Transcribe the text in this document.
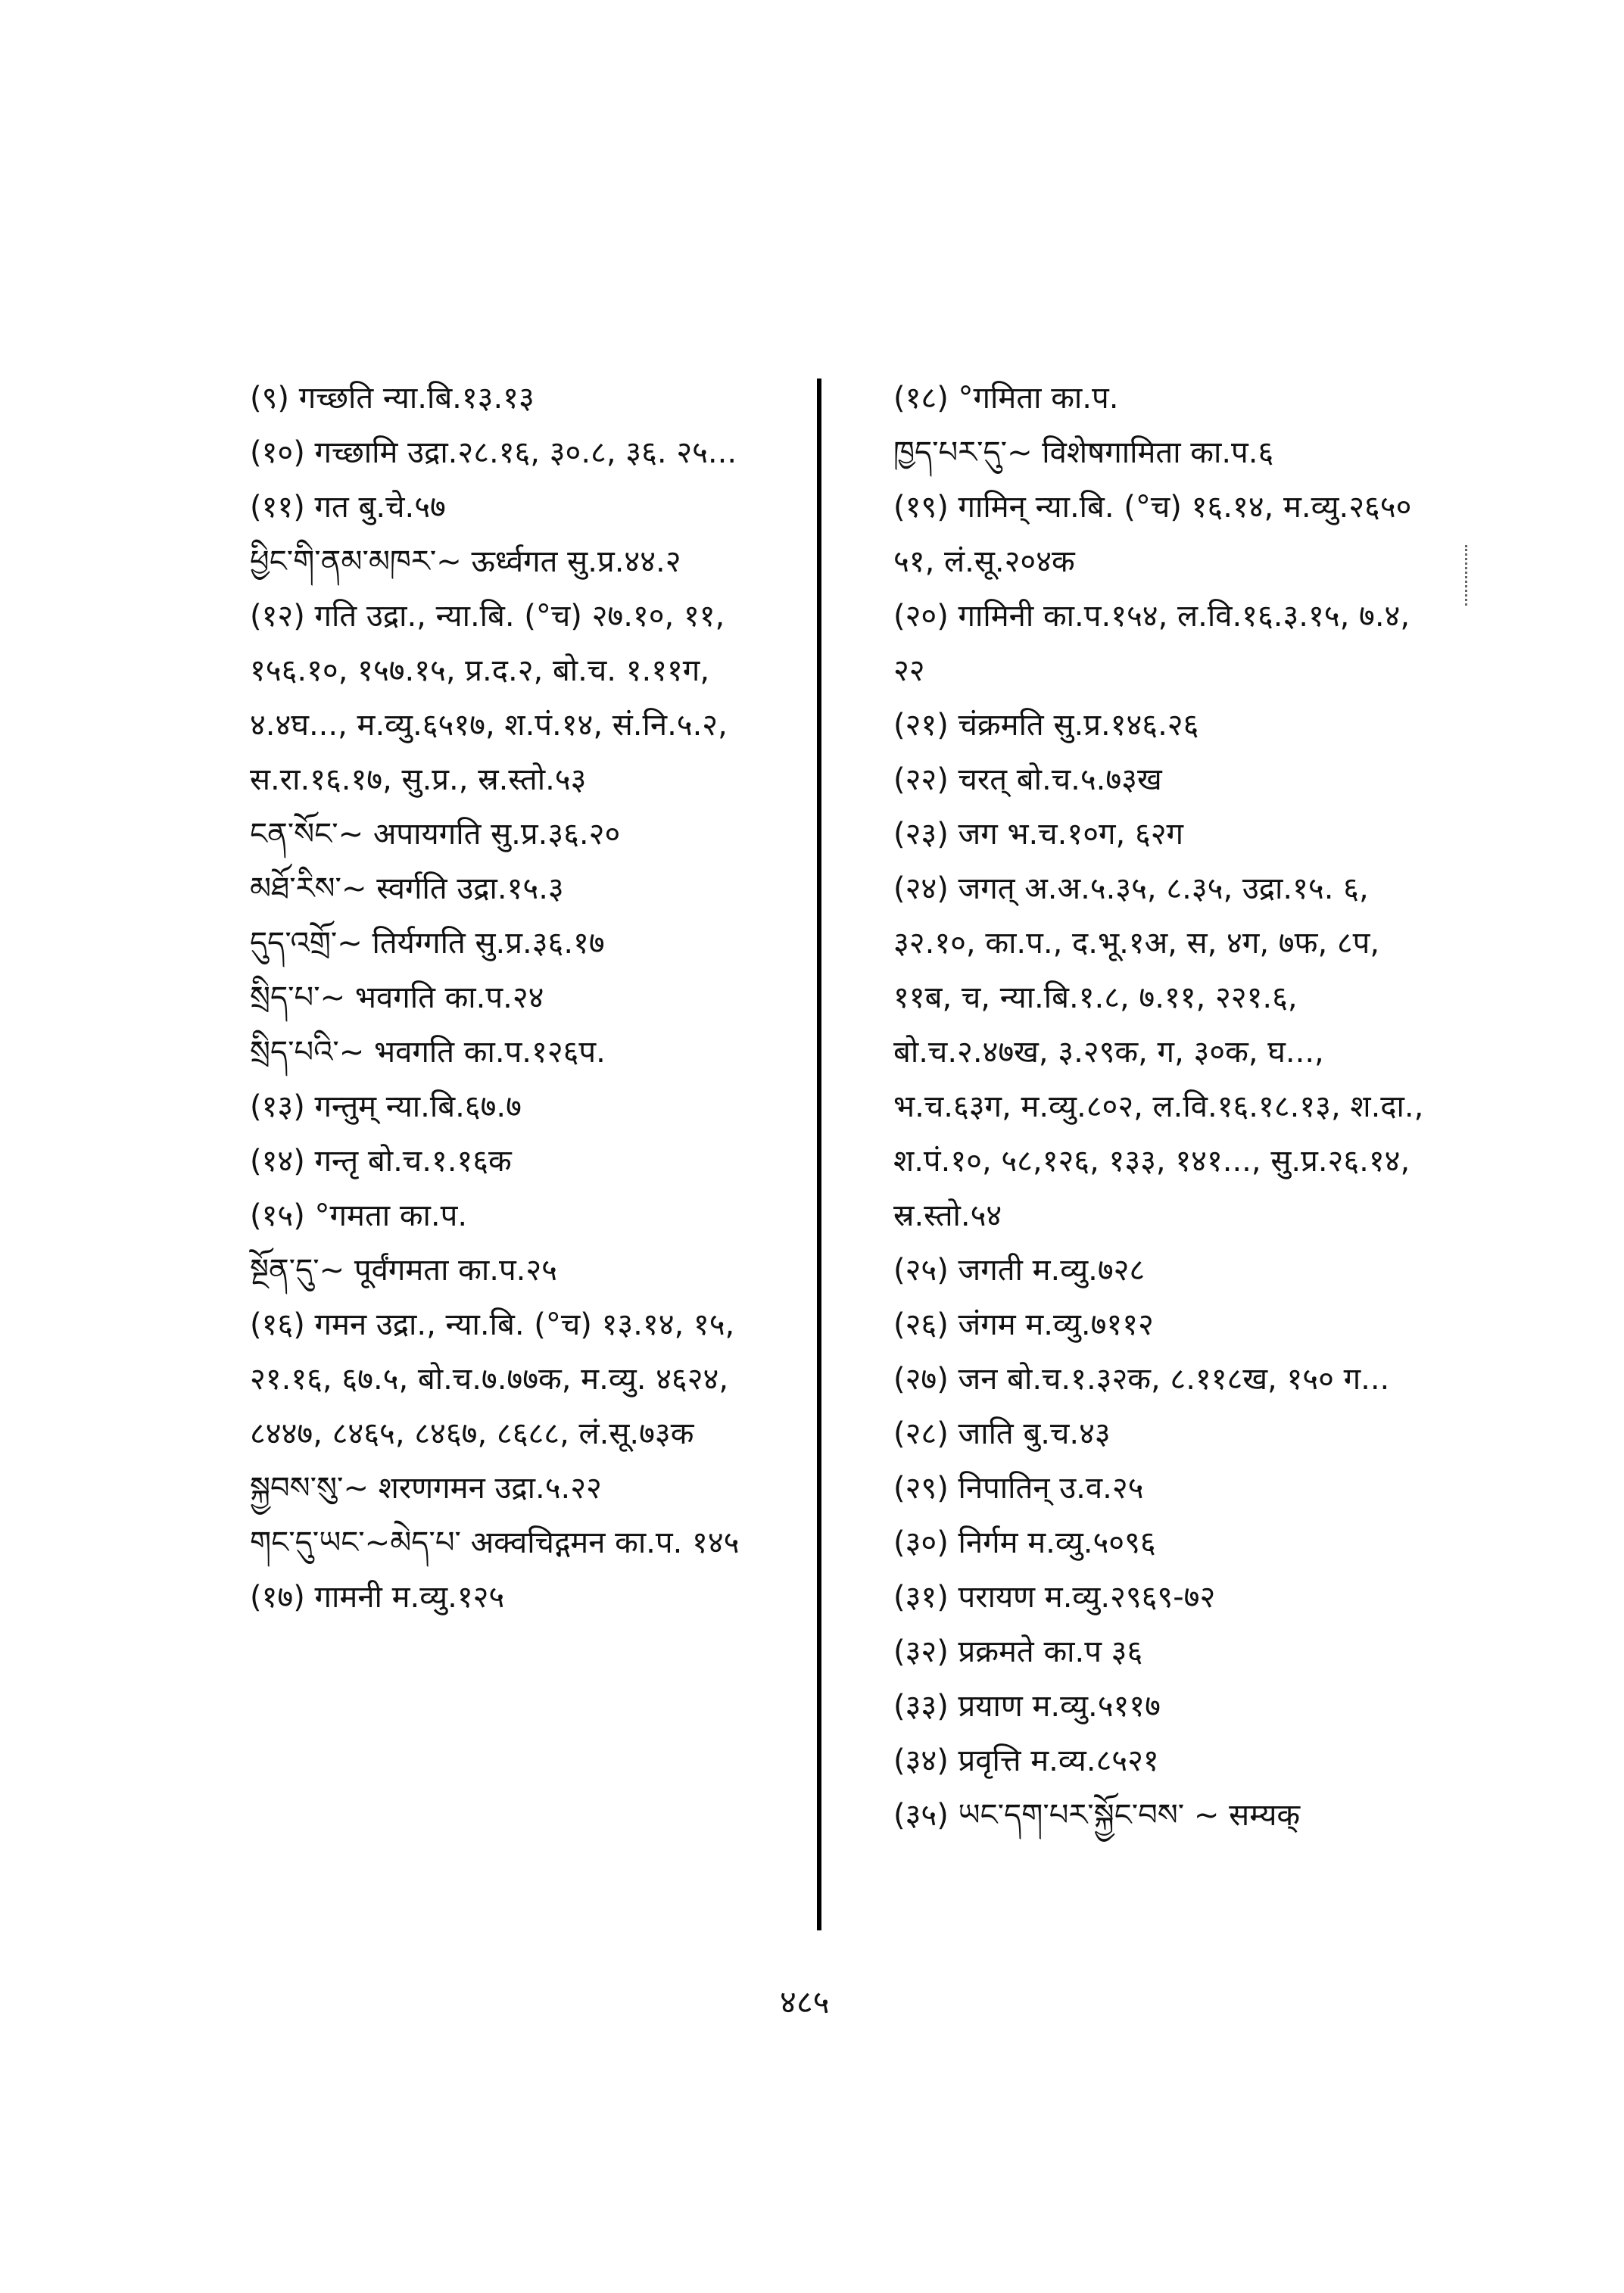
(९) गच्छति न्या.बि.१३.१३

(१०) गच्छामि उद्रा.२८.१६, ३०.८, ३६. २५...

(११) गत बु.चे.५७

ཕྱིང་གི་ནམ་མཁར་~ ऊर्ध्वगत सु.प्र.४४.२

(१२) गति उद्रा., न्या.बि. (°च) २७.१०, ११, १५६.१०, १५७.१५, प्र.द.२, बो.च. १.११ग, ४.४घ..., म.व्यु.६५१७, श.पं.१४, सं.नि.५.२, स.रा.१६.१७, सु.प्र., स्र.स्तो.५३

ངན་སོང་~ अपायगति सु.प्र.३६.२०

མཐོ་རིས་~ स्वर्गति उद्रा.१५.३

དུད་འགྲོ་~ तिर्यग्गति सु.प्र.३६.१७

སྲིད་པ་~ भवगति का.प.२४

སྲིད་པའི་~ भवगति का.प.१२६प.

(१३) गन्तुम् न्या.बि.६७.७

(१४) गन्तृ बो.च.१.१६क

(१५) °गमता का.प.

སྔོན་དུ་~ पूर्वंगमता का.प.२५

(१६) गमन उद्रा., न्या.बि. (°च) १३.१४, १५, २१.१६, ६७.५, बो.च.७.७७क, म.व्यु. ४६२४, ८४४७, ८४६५, ८४६७, ८६८८, लं.सू.७३क

སྐྱབས་སུ་~ शरणगमन उद्रा.५.२२

གང་དུ་ཡང་~མེད་པ་ अक्वचिद्गमन का.प. १४५

(१७) गामनी म.व्यु.१२५

(१८) °गमिता का.प.

ཁྱད་པར་དུ་~ विशेषगामिता का.प.६

(१९) गामिन् न्या.बि. (°च) १६.१४, म.व्यु.२६५० ५१, लं.सू.२०४क

(२०) गामिनी का.प.१५४, ल.वि.१६.३.१५, ७.४, २२

(२१) चंक्रमति सु.प्र.१४६.२६

(२२) चरत् बो.च.५.७३ख

(२३) जग भ.च.१०ग, ६२ग

(२४) जगत् अ.अ.५.३५, ८.३५, उद्रा.१५. ६, ३२.१०, का.प., द.भू.१अ, स, ४ग, ७फ, ८प, ११ब, च, न्या.बि.१.८, ७.११, २२१.६, बो.च.२.४७ख, ३.२९क, ग, ३०क, घ..., भ.च.६३ग, म.व्यु.८०२, ल.वि.१६.१८.१३, श.दा., श.पं.१०, ५८,१२६, १३३, १४१..., सु.प्र.२६.१४, स्र.स्तो.५४

(२५) जगती म.व्यु.७२८

(२६) जंगम म.व्यु.७११२

(२७) जन बो.च.१.३२क, ८.११८ख, १५० ग...

(२८) जाति बु.च.४३

(२९) निपातिन् उ.व.२५

(३०) निर्गम म.व्यु.५०९६

(३१) परायण म.व्यु.२९६९-७२

(३२) प्रक्रमते का.प ३६

(३३) प्रयाण म.व्यु.५११७

(३४) प्रवृत्ति म.व्य.८५२१

(३५) ཡང་དག་པར་སྐྱོང་བས་ ~ सम्यक्

४८५
